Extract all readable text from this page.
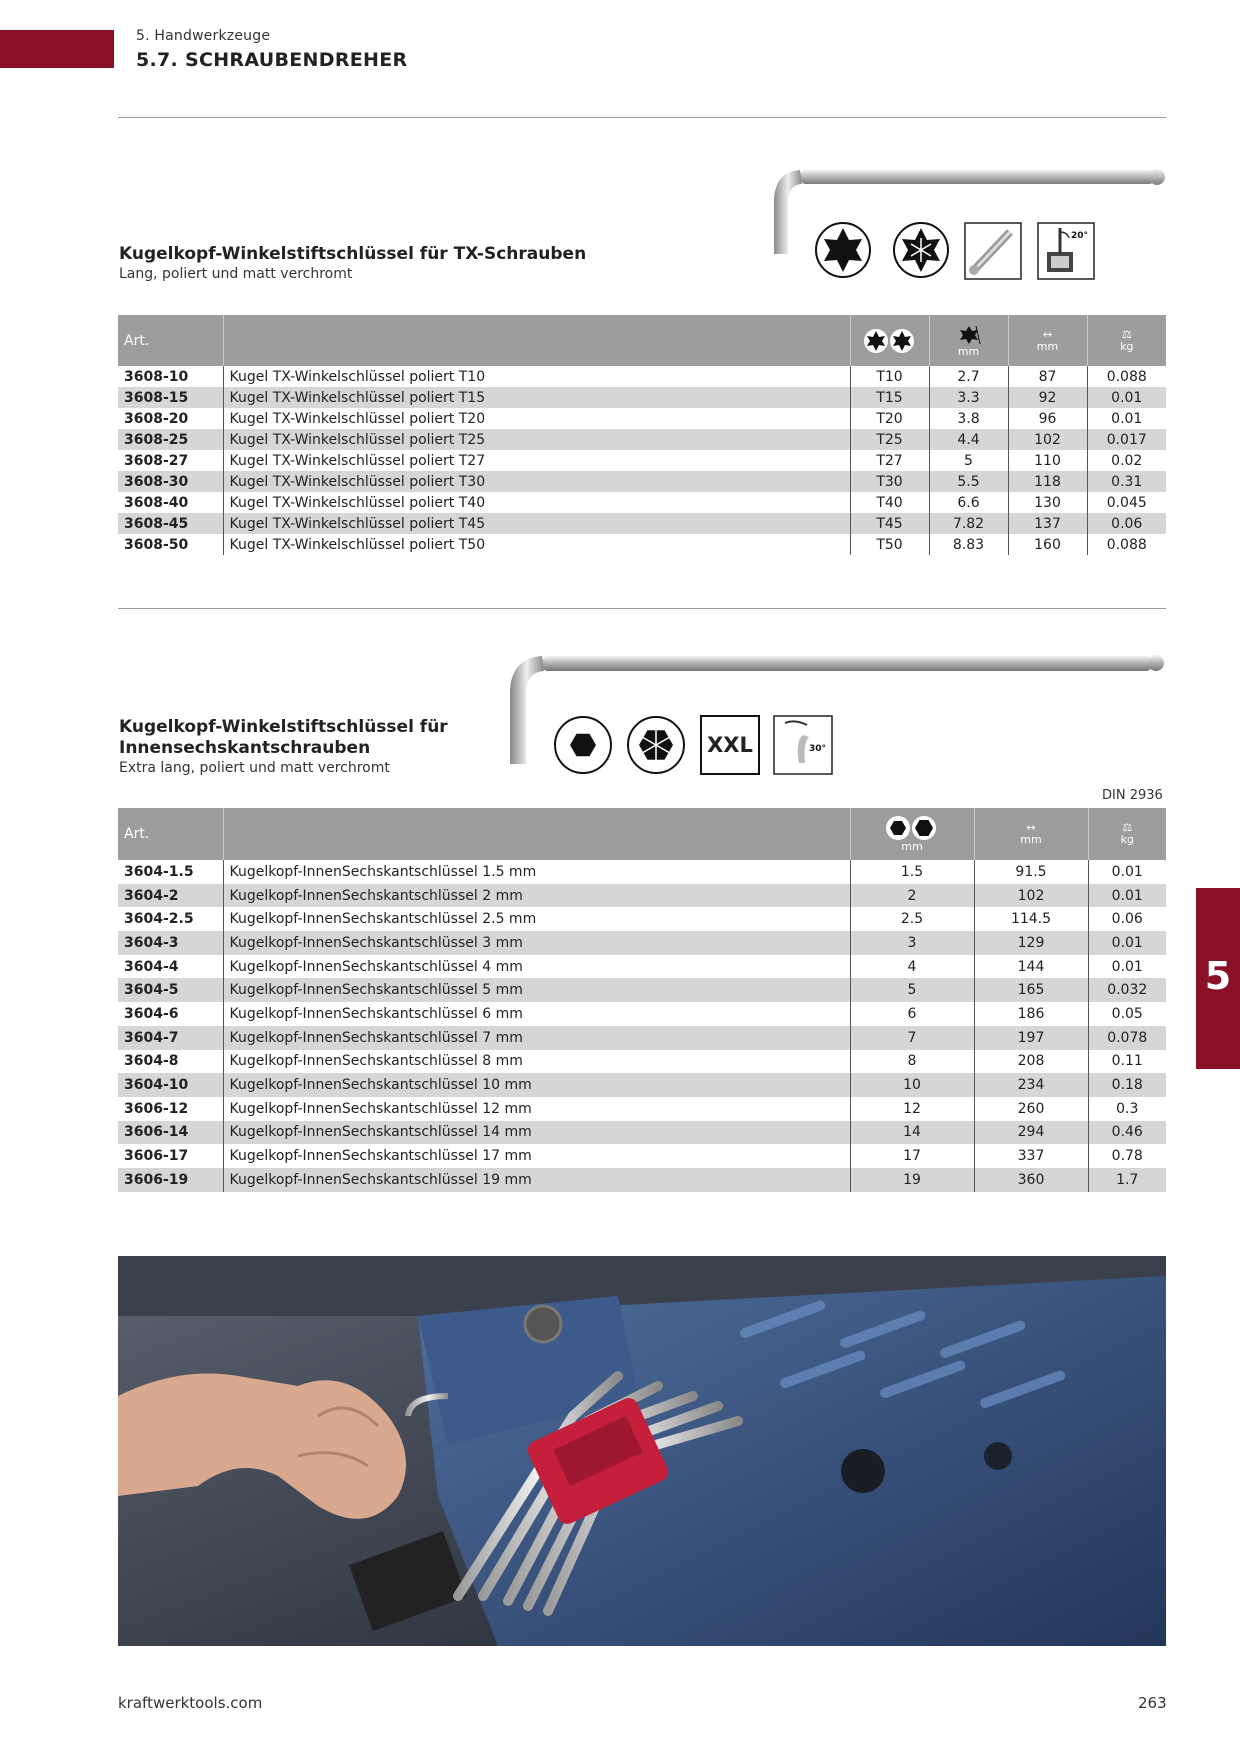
5. Handwerkzeuge
5.7. SCHRAUBENDREHER
20°
Kugelkopf-Winkelstiftschlüssel für TX-Schrauben
Lang, poliert und matt verchromt
Art.			mm	↔
mm	⚖
kg

3608-10	Kugel TX-Winkelschlüssel poliert T10	T10	2.7	87	0.088
3608-15	Kugel TX-Winkelschlüssel poliert T15	T15	3.3	92	0.01
3608-20	Kugel TX-Winkelschlüssel poliert T20	T20	3.8	96	0.01
3608-25	Kugel TX-Winkelschlüssel poliert T25	T25	4.4	102	0.017
3608-27	Kugel TX-Winkelschlüssel poliert T27	T27	5	110	0.02
3608-30	Kugel TX-Winkelschlüssel poliert T30	T30	5.5	118	0.31
3608-40	Kugel TX-Winkelschlüssel poliert T40	T40	6.6	130	0.045
3608-45	Kugel TX-Winkelschlüssel poliert T45	T45	7.82	137	0.06
3608-50	Kugel TX-Winkelschlüssel poliert T50	T50	8.83	160	0.088
XXL	30°
Kugelkopf-Winkelstiftschlüssel für
Innensechskantschrauben
Extra lang, poliert und matt verchromt
DIN 2936
Art.		mm	↔
mm	⚖
kg

3604-1.5	Kugelkopf-InnenSechskantschlüssel 1.5 mm	1.5	91.5	0.01
3604-2	Kugelkopf-InnenSechskantschlüssel 2 mm	2	102	0.01
3604-2.5	Kugelkopf-InnenSechskantschlüssel 2.5 mm	2.5	114.5	0.06
3604-3	Kugelkopf-InnenSechskantschlüssel 3 mm	3	129	0.01
3604-4	Kugelkopf-InnenSechskantschlüssel 4 mm	4	144	0.01
3604-5	Kugelkopf-InnenSechskantschlüssel 5 mm	5	165	0.032
3604-6	Kugelkopf-InnenSechskantschlüssel 6 mm	6	186	0.05
3604-7	Kugelkopf-InnenSechskantschlüssel 7 mm	7	197	0.078
3604-8	Kugelkopf-InnenSechskantschlüssel 8 mm	8	208	0.11
3604-10	Kugelkopf-InnenSechskantschlüssel 10 mm	10	234	0.18
3606-12	Kugelkopf-InnenSechskantschlüssel 12 mm	12	260	0.3
3606-14	Kugelkopf-InnenSechskantschlüssel 14 mm	14	294	0.46
3606-17	Kugelkopf-InnenSechskantschlüssel 17 mm	17	337	0.78
3606-19	Kugelkopf-InnenSechskantschlüssel 19 mm	19	360	1.7
5
kraftwerktools.com	263
